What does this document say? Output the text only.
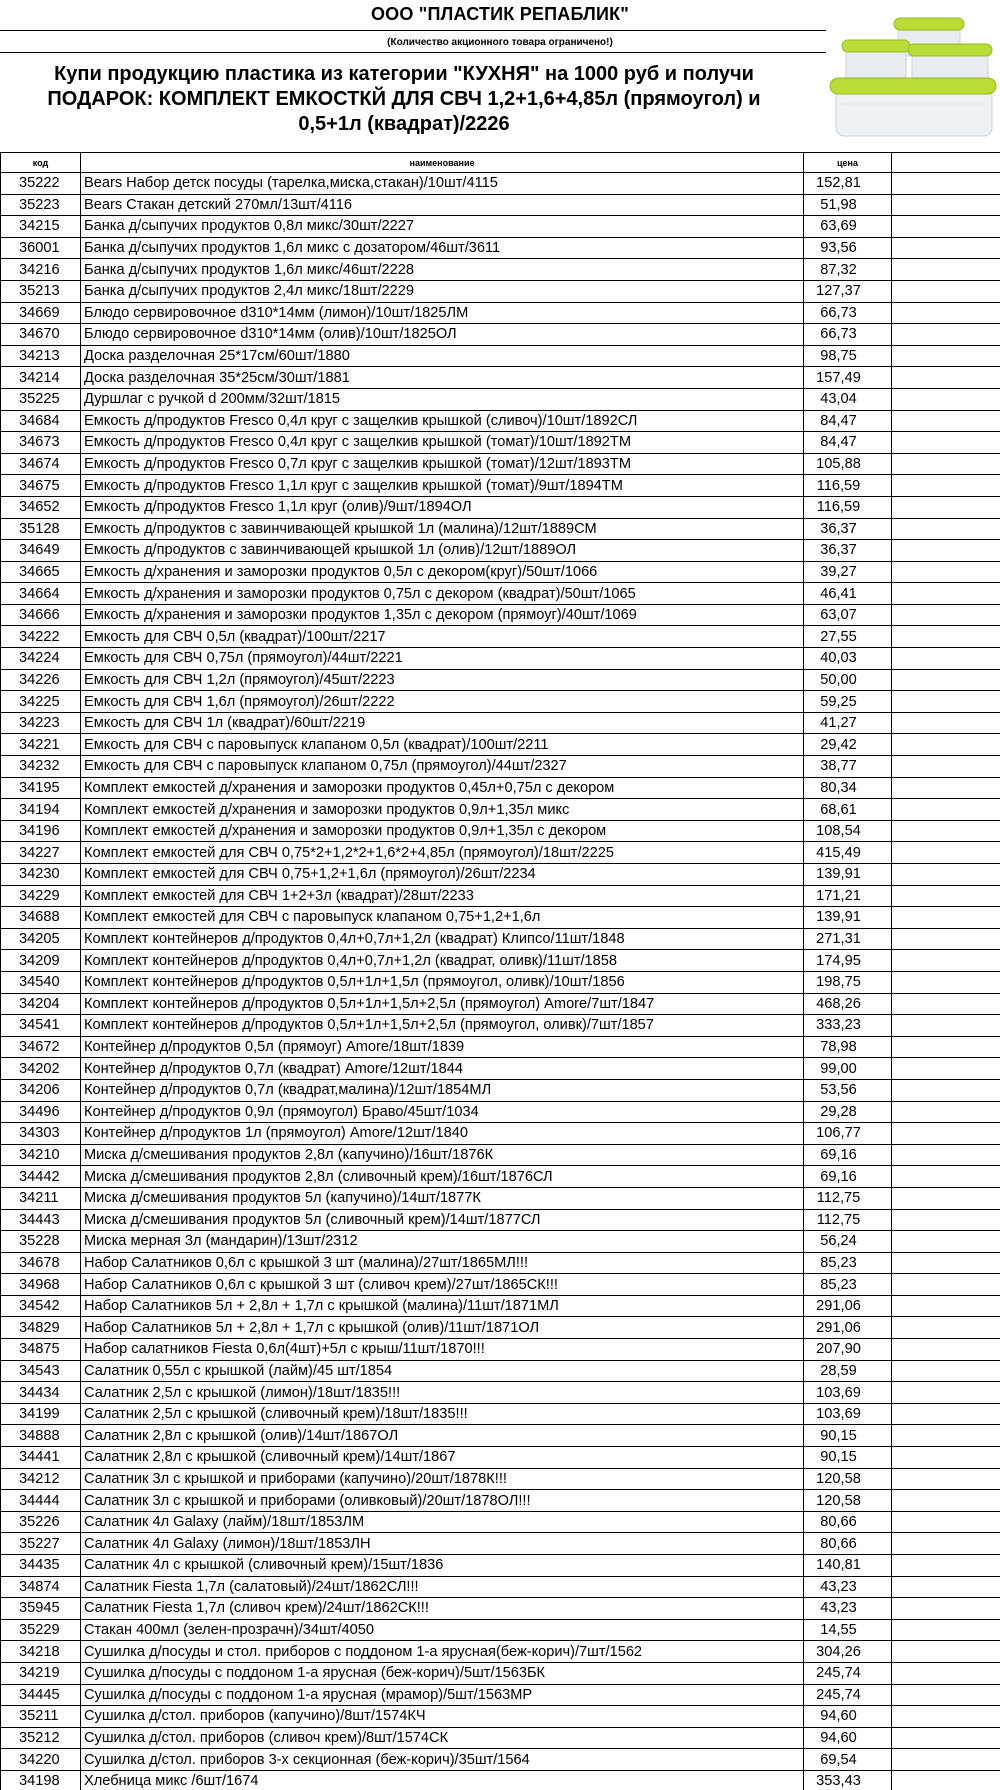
ООО "ПЛАСТИК РЕПАБЛИК"
(Количество акционного товара ограничено!)
Купи продукцию пластика из категории "КУХНЯ" на 1000 руб и получи
ПОДАРОК: КОМПЛЕКТ ЕМКОСТКЙ ДЛЯ СВЧ 1,2+1,6+4,85л (прямоугол) и
0,5+1л (квадрат)/2226
код	наименование	цена	
35222	Bears Набор детск посуды (тарелка,миска,стакан)/10шт/4115	152,81	
35223	Bears Стакан детский 270мл/13шт/4116	51,98	
34215	Банка д/сыпучих продуктов 0,8л микс/30шт/2227	63,69	
36001	Банка д/сыпучих продуктов 1,6л микс с дозатором/46шт/3611	93,56	
34216	Банка д/сыпучих продуктов 1,6л микс/46шт/2228	87,32	
35213	Банка д/сыпучих продуктов 2,4л микс/18шт/2229	127,37	
34669	Блюдо сервировочное d310*14мм (лимон)/10шт/1825ЛМ	66,73	
34670	Блюдо сервировочное d310*14мм (олив)/10шт/1825ОЛ	66,73	
34213	Доска разделочная 25*17см/60шт/1880	98,75	
34214	Доска разделочная 35*25см/30шт/1881	157,49	
35225	Дуршлаг с ручкой d 200мм/32шт/1815	43,04	
34684	Емкость д/продуктов Fresco 0,4л круг с защелкив крышкой (сливоч)/10шт/1892СЛ	84,47	
34673	Емкость д/продуктов Fresco 0,4л круг с защелкив крышкой (томат)/10шт/1892ТМ	84,47	
34674	Емкость д/продуктов Fresco 0,7л круг с защелкив крышкой (томат)/12шт/1893ТМ	105,88	
34675	Емкость д/продуктов Fresco 1,1л круг с защелкив крышкой (томат)/9шт/1894ТМ	116,59	
34652	Емкость д/продуктов Fresco 1,1л круг (олив)/9шт/1894ОЛ	116,59	
35128	Емкость д/продуктов с завинчивающей крышкой 1л (малина)/12шт/1889СМ	36,37	
34649	Емкость д/продуктов с завинчивающей крышкой 1л (олив)/12шт/1889ОЛ	36,37	
34665	Емкость д/хранения и заморозки продуктов 0,5л с декором(круг)/50шт/1066	39,27	
34664	Емкость д/хранения и заморозки продуктов 0,75л с декором (квадрат)/50шт/1065	46,41	
34666	Емкость д/хранения и заморозки продуктов 1,35л с декором (прямоуг)/40шт/1069	63,07	
34222	Емкость для СВЧ 0,5л (квадрат)/100шт/2217	27,55	
34224	Емкость для СВЧ 0,75л (прямоугол)/44шт/2221	40,03	
34226	Емкость для СВЧ 1,2л (прямоугол)/45шт/2223	50,00	
34225	Емкость для СВЧ 1,6л (прямоугол)/26шт/2222	59,25	
34223	Емкость для СВЧ 1л (квадрат)/60шт/2219	41,27	
34221	Емкость для СВЧ с паровыпуск клапаном 0,5л (квадрат)/100шт/2211	29,42	
34232	Емкость для СВЧ с паровыпуск клапаном 0,75л (прямоугол)/44шт/2327	38,77	
34195	Комплект емкостей д/хранения и заморозки продуктов 0,45л+0,75л с декором	80,34	
34194	Комплект емкостей д/хранения и заморозки продуктов 0,9л+1,35л микс	68,61	
34196	Комплект емкостей д/хранения и заморозки продуктов 0,9л+1,35л с декором	108,54	
34227	Комплект емкостей для СВЧ 0,75*2+1,2*2+1,6*2+4,85л (прямоугол)/18шт/2225	415,49	
34230	Комплект емкостей для СВЧ 0,75+1,2+1,6л (прямоугол)/26шт/2234	139,91	
34229	Комплект емкостей для СВЧ 1+2+3л (квадрат)/28шт/2233	171,21	
34688	Комплект емкостей для СВЧ с паровыпуск клапаном 0,75+1,2+1,6л	139,91	
34205	Комплект контейнеров д/продуктов 0,4л+0,7л+1,2л (квадрат) Клипсо/11шт/1848	271,31	
34209	Комплект контейнеров д/продуктов 0,4л+0,7л+1,2л (квадрат, оливк)/11шт/1858	174,95	
34540	Комплект контейнеров д/продуктов 0,5л+1л+1,5л (прямоугол, оливк)/10шт/1856	198,75	
34204	Комплект контейнеров д/продуктов 0,5л+1л+1,5л+2,5л (прямоугол) Amore/7шт/1847	468,26	
34541	Комплект контейнеров д/продуктов 0,5л+1л+1,5л+2,5л (прямоугол, оливк)/7шт/1857	333,23	
34672	Контейнер д/продуктов 0,5л (прямоуг) Amore/18шт/1839	78,98	
34202	Контейнер д/продуктов 0,7л (квадрат) Amore/12шт/1844	99,00	
34206	Контейнер д/продуктов 0,7л (квадрат,малина)/12шт/1854МЛ	53,56	
34496	Контейнер д/продуктов 0,9л (прямоугол) Браво/45шт/1034	29,28	
34303	Контейнер д/продуктов 1л (прямоугол) Amore/12шт/1840	106,77	
34210	Миска д/смешивания продуктов 2,8л (капучино)/16шт/1876К	69,16	
34442	Миска д/смешивания продуктов 2,8л (сливочный крем)/16шт/1876СЛ	69,16	
34211	Миска д/смешивания продуктов 5л (капучино)/14шт/1877К	112,75	
34443	Миска д/смешивания продуктов 5л (сливочный крем)/14шт/1877СЛ	112,75	
35228	Миска мерная 3л (мандарин)/13шт/2312	56,24	
34678	Набор Салатников 0,6л с крышкой 3 шт (малина)/27шт/1865МЛ!!!	85,23	
34968	Набор Салатников 0,6л с крышкой 3 шт (сливоч крем)/27шт/1865СК!!!	85,23	
34542	Набор Салатников 5л + 2,8л + 1,7л с крышкой (малина)/11шт/1871МЛ	291,06	
34829	Набор Салатников 5л + 2,8л + 1,7л с крышкой (олив)/11шт/1871ОЛ	291,06	
34875	Набор салатников Fiesta 0,6л(4шт)+5л с крыш/11шт/1870!!!	207,90	
34543	Салатник 0,55л с крышкой (лайм)/45 шт/1854	28,59	
34434	Салатник 2,5л с крышкой (лимон)/18шт/1835!!!	103,69	
34199	Салатник 2,5л с крышкой (сливочный крем)/18шт/1835!!!	103,69	
34888	Салатник 2,8л с крышкой (олив)/14шт/1867ОЛ	90,15	
34441	Салатник 2,8л с крышкой (сливочный крем)/14шт/1867	90,15	
34212	Салатник 3л с крышкой и приборами (капучино)/20шт/1878К!!!	120,58	
34444	Салатник 3л с крышкой и приборами (оливковый)/20шт/1878ОЛ!!!	120,58	
35226	Салатник 4л Galaxy (лайм)/18шт/1853ЛМ	80,66	
35227	Салатник 4л Galaxy (лимон)/18шт/1853ЛН	80,66	
34435	Салатник 4л с крышкой (сливочный крем)/15шт/1836	140,81	
34874	Салатник Fiesta 1,7л (салатовый)/24шт/1862СЛ!!!	43,23	
35945	Салатник Fiesta 1,7л (сливоч крем)/24шт/1862СК!!!	43,23	
35229	Стакан 400мл (зелен-прозрачн)/34шт/4050	14,55	
34218	Сушилка д/посуды и стол. приборов с поддоном 1-а ярусная(беж-корич)/7шт/1562	304,26	
34219	Сушилка д/посуды с поддоном 1-а ярусная (беж-корич)/5шт/1563БК	245,74	
34445	Сушилка д/посуды с поддоном 1-а ярусная (мрамор)/5шт/1563МР	245,74	
35211	Сушилка д/стол. приборов (капучино)/8шт/1574КЧ	94,60	
35212	Сушилка д/стол. приборов (сливоч крем)/8шт/1574СК	94,60	
34220	Сушилка д/стол. приборов 3-х секционная (беж-корич)/35шт/1564	69,54	
34198	Хлебница микс /6шт/1674	353,43	
